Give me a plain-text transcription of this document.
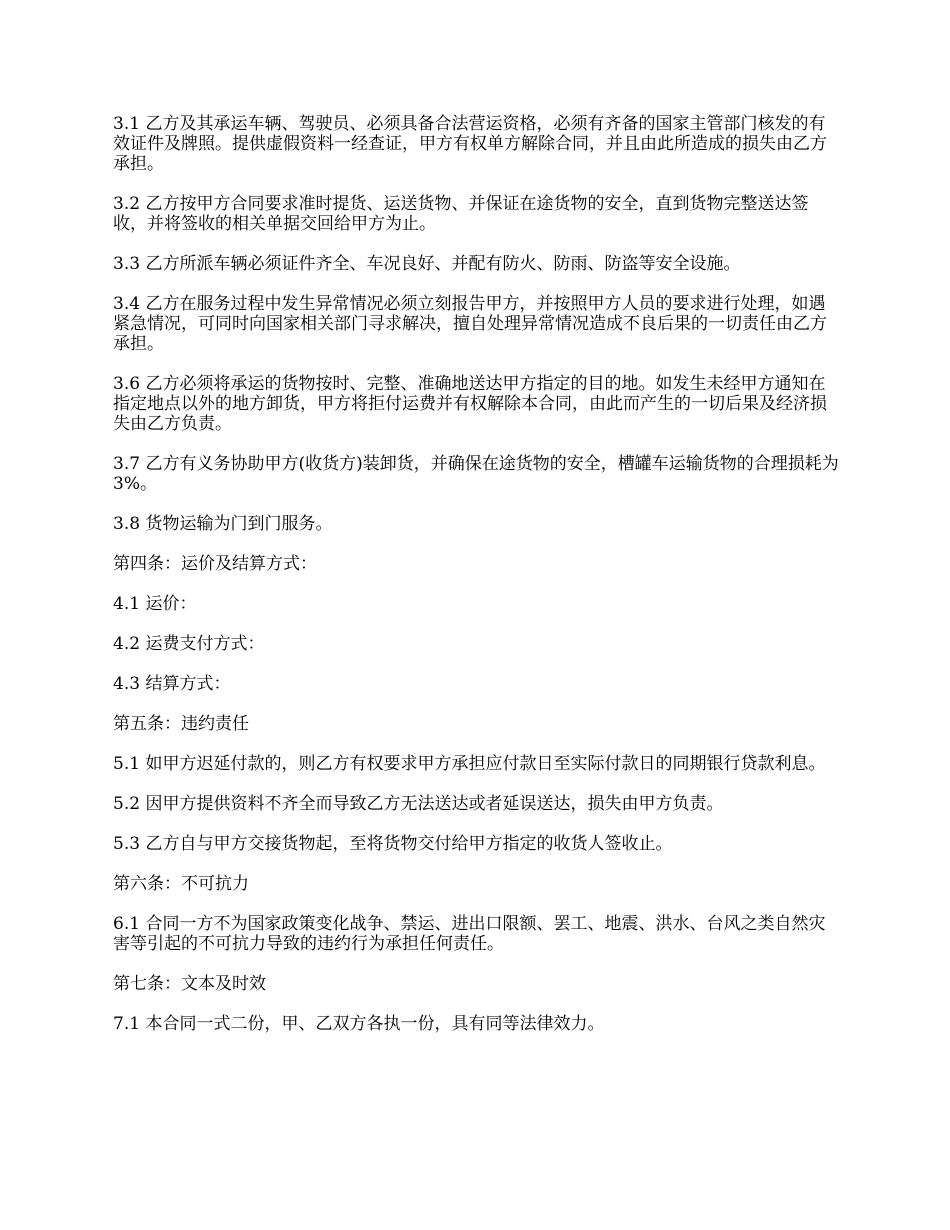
3.1 乙方及其承运车辆、驾驶员、必须具备合法营运资格，必须有齐备的国家主管部门核发的有效证件及牌照。提供虚假资料一经查证，甲方有权单方解除合同，并且由此所造成的损失由乙方承担。

3.2 乙方按甲方合同要求准时提货、运送货物、并保证在途货物的安全，直到货物完整送达签收，并将签收的相关单据交回给甲方为止。

3.3 乙方所派车辆必须证件齐全、车况良好、并配有防火、防雨、防盗等安全设施。

3.4 乙方在服务过程中发生异常情况必须立刻报告甲方，并按照甲方人员的要求进行处理，如遇紧急情况，可同时向国家相关部门寻求解决，擅自处理异常情况造成不良后果的一切责任由乙方承担。

3.6 乙方必须将承运的货物按时、完整、准确地送达甲方指定的目的地。如发生未经甲方通知在指定地点以外的地方卸货，甲方将拒付运费并有权解除本合同，由此而产生的一切后果及经济损失由乙方负责。

3.7 乙方有义务协助甲方(收货方)装卸货，并确保在途货物的安全，槽罐车运输货物的合理损耗为 3%。

3.8 货物运输为门到门服务。

第四条：运价及结算方式：

4.1 运价：

4.2 运费支付方式：

4.3 结算方式：

第五条：违约责任

5.1 如甲方迟延付款的，则乙方有权要求甲方承担应付款日至实际付款日的同期银行贷款利息。

5.2 因甲方提供资料不齐全而导致乙方无法送达或者延误送达，损失由甲方负责。

5.3 乙方自与甲方交接货物起，至将货物交付给甲方指定的收货人签收止。

第六条：不可抗力

6.1 合同一方不为国家政策变化战争、禁运、进出口限额、罢工、地震、洪水、台风之类自然灾害等引起的不可抗力导致的违约行为承担任何责任。

第七条：文本及时效

7.1 本合同一式二份，甲、乙双方各执一份，具有同等法律效力。
